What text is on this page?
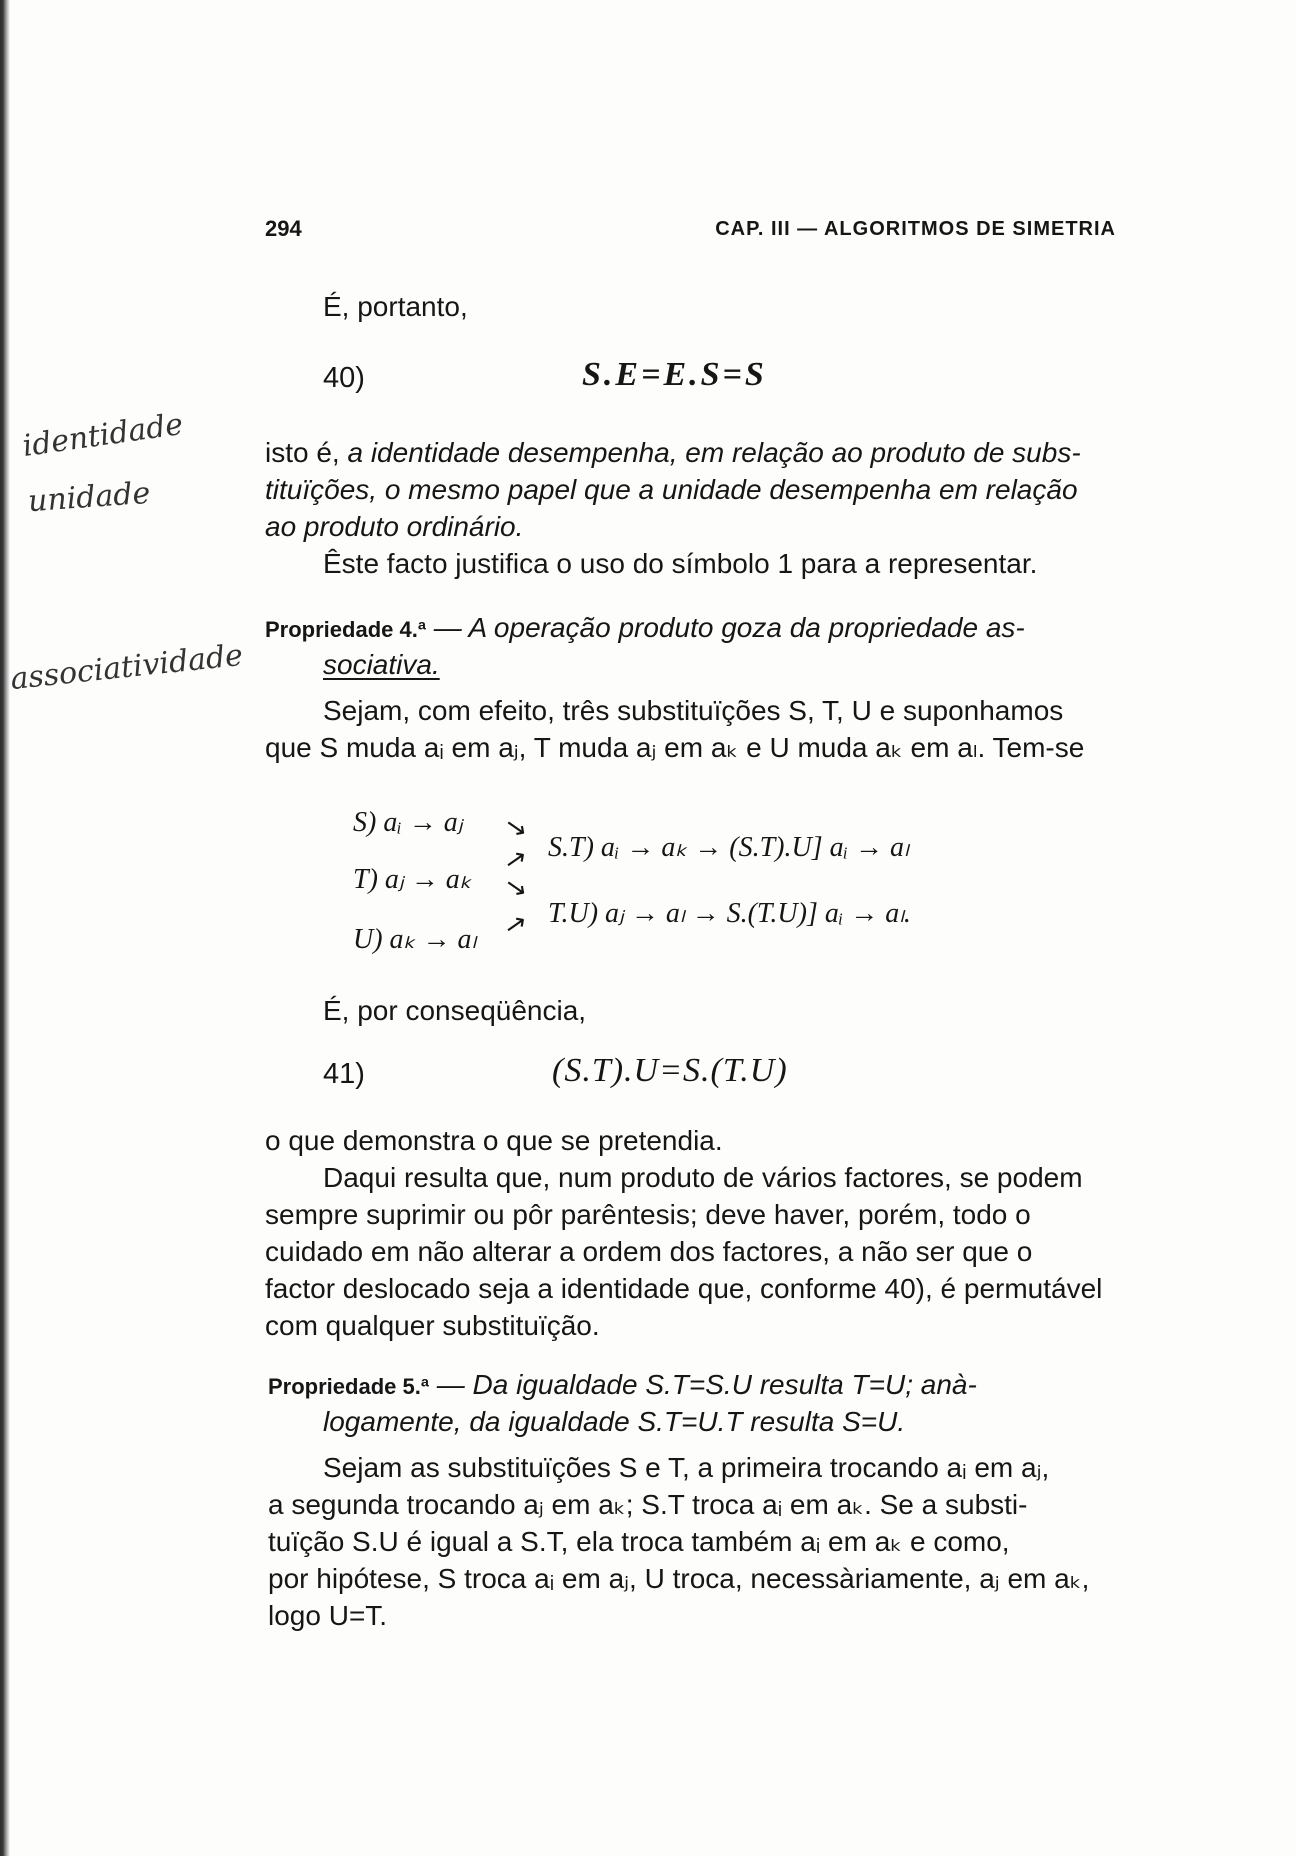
294	CAP. III — ALGORITMOS DE SIMETRIA
É, portanto,
40)	S.E=E.S=S
identidade
unidade
associatividade
isto é, a identidade desempenha, em relação ao produto de subs-
tituïções, o mesmo papel que a unidade desempenha em relação
ao produto ordinário.
Êste facto justifica o uso do símbolo 1 para a representar.
Propriedade 4.ª — A operação produto goza da propriedade as-
sociativa.
Sejam, com efeito, três substituïções S, T, U e suponhamos
que S muda aᵢ em aⱼ, T muda aⱼ em aₖ e U muda aₖ em aₗ. Tem-se
S) aᵢ → aⱼ →
S.T) aᵢ → aₖ → (S.T).U] aᵢ → aₗ
→
T) aⱼ → aₖ →
T.U) aⱼ → aₗ → S.(T.U)] aᵢ → aₗ.
→
U) aₖ → aₗ
É, por conseqüência,
41)	(S.T).U=S.(T.U)
o que demonstra o que se pretendia.
Daqui resulta que, num produto de vários factores, se podem
sempre suprimir ou pôr parêntesis; deve haver, porém, todo o
cuidado em não alterar a ordem dos factores, a não ser que o
factor deslocado seja a identidade que, conforme 40), é permutável
com qualquer substituïção.
Propriedade 5.ª — Da igualdade S.T=S.U resulta T=U; anà-
logamente, da igualdade S.T=U.T resulta S=U.
Sejam as substituïções S e T, a primeira trocando aᵢ em aⱼ,
a segunda trocando aⱼ em aₖ; S.T troca aᵢ em aₖ. Se a substi-
tuïção S.U é igual a S.T, ela troca também aᵢ em aₖ e como,
por hipótese, S troca aᵢ em aⱼ, U troca, necessàriamente, aⱼ em aₖ,
logo U=T.
